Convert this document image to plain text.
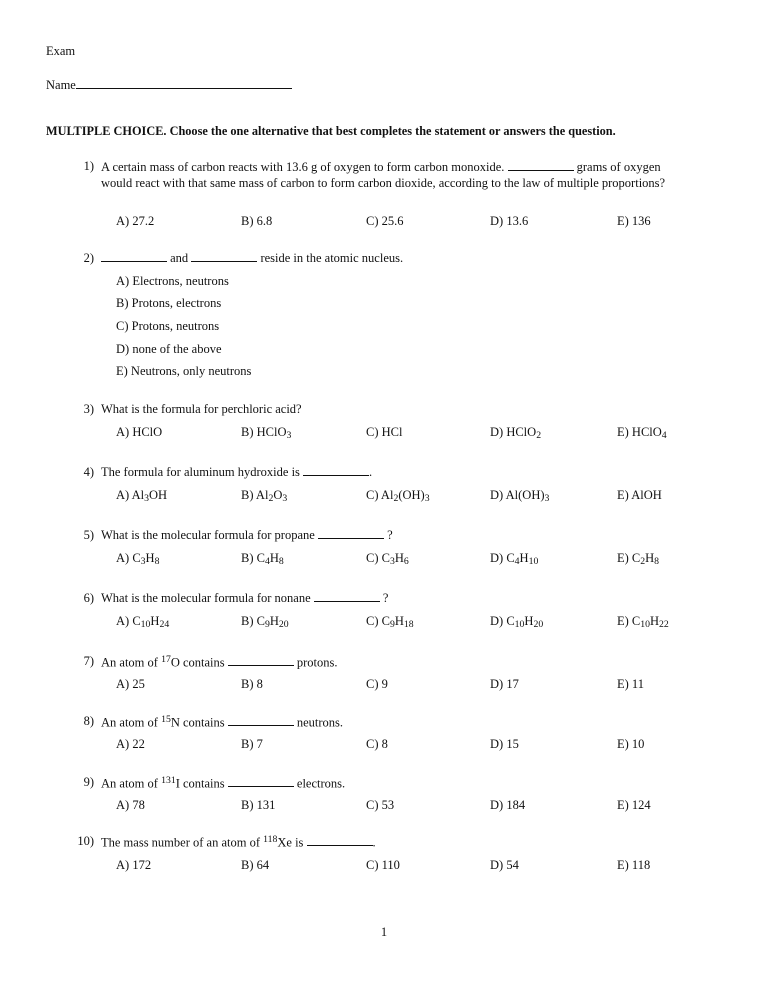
Exam
Name
MULTIPLE CHOICE. Choose the one alternative that best completes the statement or answers the question.
1) A certain mass of carbon reacts with 13.6 g of oxygen to form carbon monoxide.	grams of oxygen would react with that same mass of carbon to form carbon dioxide, according to the law of multiple proportions?
A) 27.2	B) 6.8	C) 25.6	D) 13.6	E) 136
2)	and	reside in the atomic nucleus.
A) Electrons, neutrons
B) Protons, electrons
C) Protons, neutrons
D) none of the above
E) Neutrons, only neutrons
3) What is the formula for perchloric acid?
A) HClO	B) HClO$_3$	C) HCl	D) HClO$_2$	E) HClO$_4$
4) The formula for aluminum hydroxide is	.
A) $Al_3OH$	B) $Al_2O_3$	C) $Al_2(OH)_3$	D) $Al(OH)_3$	E) AlOH
5) What is the molecular formula for propane	?
A) $C_3H_8$	B) $C_4H_8$	C) $C_3H_6$	D) $C_4H_{10}$	E) $C_2H_8$
6) What is the molecular formula for nonane	?
A) $C_{10}H_{24}$	B) $C_9H_{20}$	C) $C_9H_{18}$	D) $C_{10}H_{20}$	E) $C_{10}H_{22}$
7) An atom of $^{17}$O contains	protons.
A) 25	B) 8	C) 9	D) 17	E) 11
8) An atom of $^{15}$N contains	neutrons.
A) 22	B) 7	C) 8	D) 15	E) 10
9) An atom of $^{131}$I contains	electrons.
A) 78	B) 131	C) 53	D) 184	E) 124
10) The mass number of an atom of $^{118}$Xe is	.
A) 172	B) 64	C) 110	D) 54	E) 118
1
